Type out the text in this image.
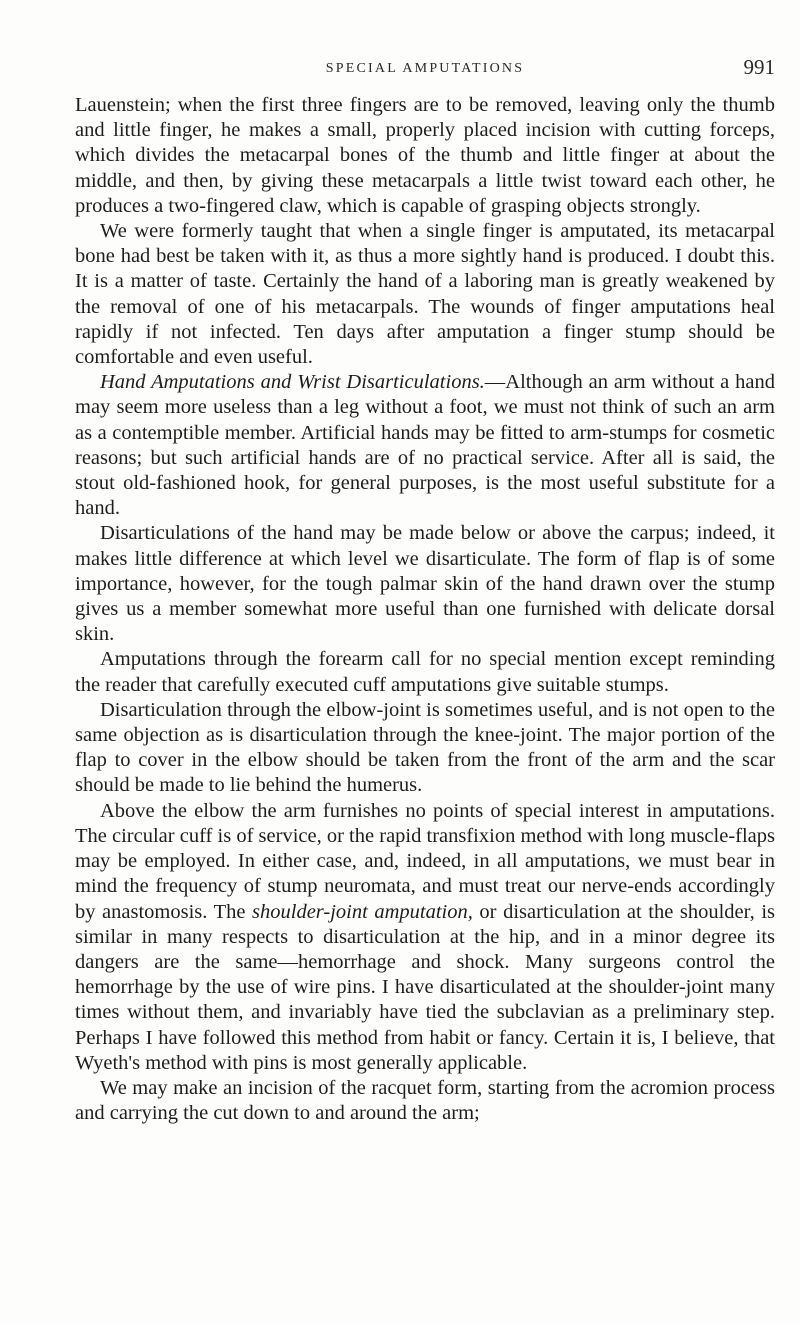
SPECIAL AMPUTATIONS	991

Lauenstein; when the first three fingers are to be removed, leaving only the thumb and little finger, he makes a small, properly placed incision with cutting forceps, which divides the metacarpal bones of the thumb and little finger at about the middle, and then, by giving these metacarpals a little twist toward each other, he produces a two-fingered claw, which is capable of grasping objects strongly.

We were formerly taught that when a single finger is amputated, its metacarpal bone had best be taken with it, as thus a more sightly hand is produced. I doubt this. It is a matter of taste. Certainly the hand of a laboring man is greatly weakened by the removal of one of his metacarpals. The wounds of finger amputations heal rapidly if not infected. Ten days after amputation a finger stump should be comfortable and even useful.

Hand Amputations and Wrist Disarticulations.—Although an arm without a hand may seem more useless than a leg without a foot, we must not think of such an arm as a contemptible member. Artificial hands may be fitted to arm-stumps for cosmetic reasons; but such artificial hands are of no practical service. After all is said, the stout old-fashioned hook, for general purposes, is the most useful substitute for a hand.

Disarticulations of the hand may be made below or above the carpus; indeed, it makes little difference at which level we disarticulate. The form of flap is of some importance, however, for the tough palmar skin of the hand drawn over the stump gives us a member somewhat more useful than one furnished with delicate dorsal skin.

Amputations through the forearm call for no special mention except reminding the reader that carefully executed cuff amputations give suitable stumps.

Disarticulation through the elbow-joint is sometimes useful, and is not open to the same objection as is disarticulation through the knee-joint. The major portion of the flap to cover in the elbow should be taken from the front of the arm and the scar should be made to lie behind the humerus.

Above the elbow the arm furnishes no points of special interest in amputations. The circular cuff is of service, or the rapid transfixion method with long muscle-flaps may be employed. In either case, and, indeed, in all amputations, we must bear in mind the frequency of stump neuromata, and must treat our nerve-ends accordingly by anastomosis. The shoulder-joint amputation, or disarticulation at the shoulder, is similar in many respects to disarticulation at the hip, and in a minor degree its dangers are the same—hemorrhage and shock. Many surgeons control the hemorrhage by the use of wire pins. I have disarticulated at the shoulder-joint many times without them, and invariably have tied the subclavian as a preliminary step. Perhaps I have followed this method from habit or fancy. Certain it is, I believe, that Wyeth's method with pins is most generally applicable.

We may make an incision of the racquet form, starting from the acromion process and carrying the cut down to and around the arm;
